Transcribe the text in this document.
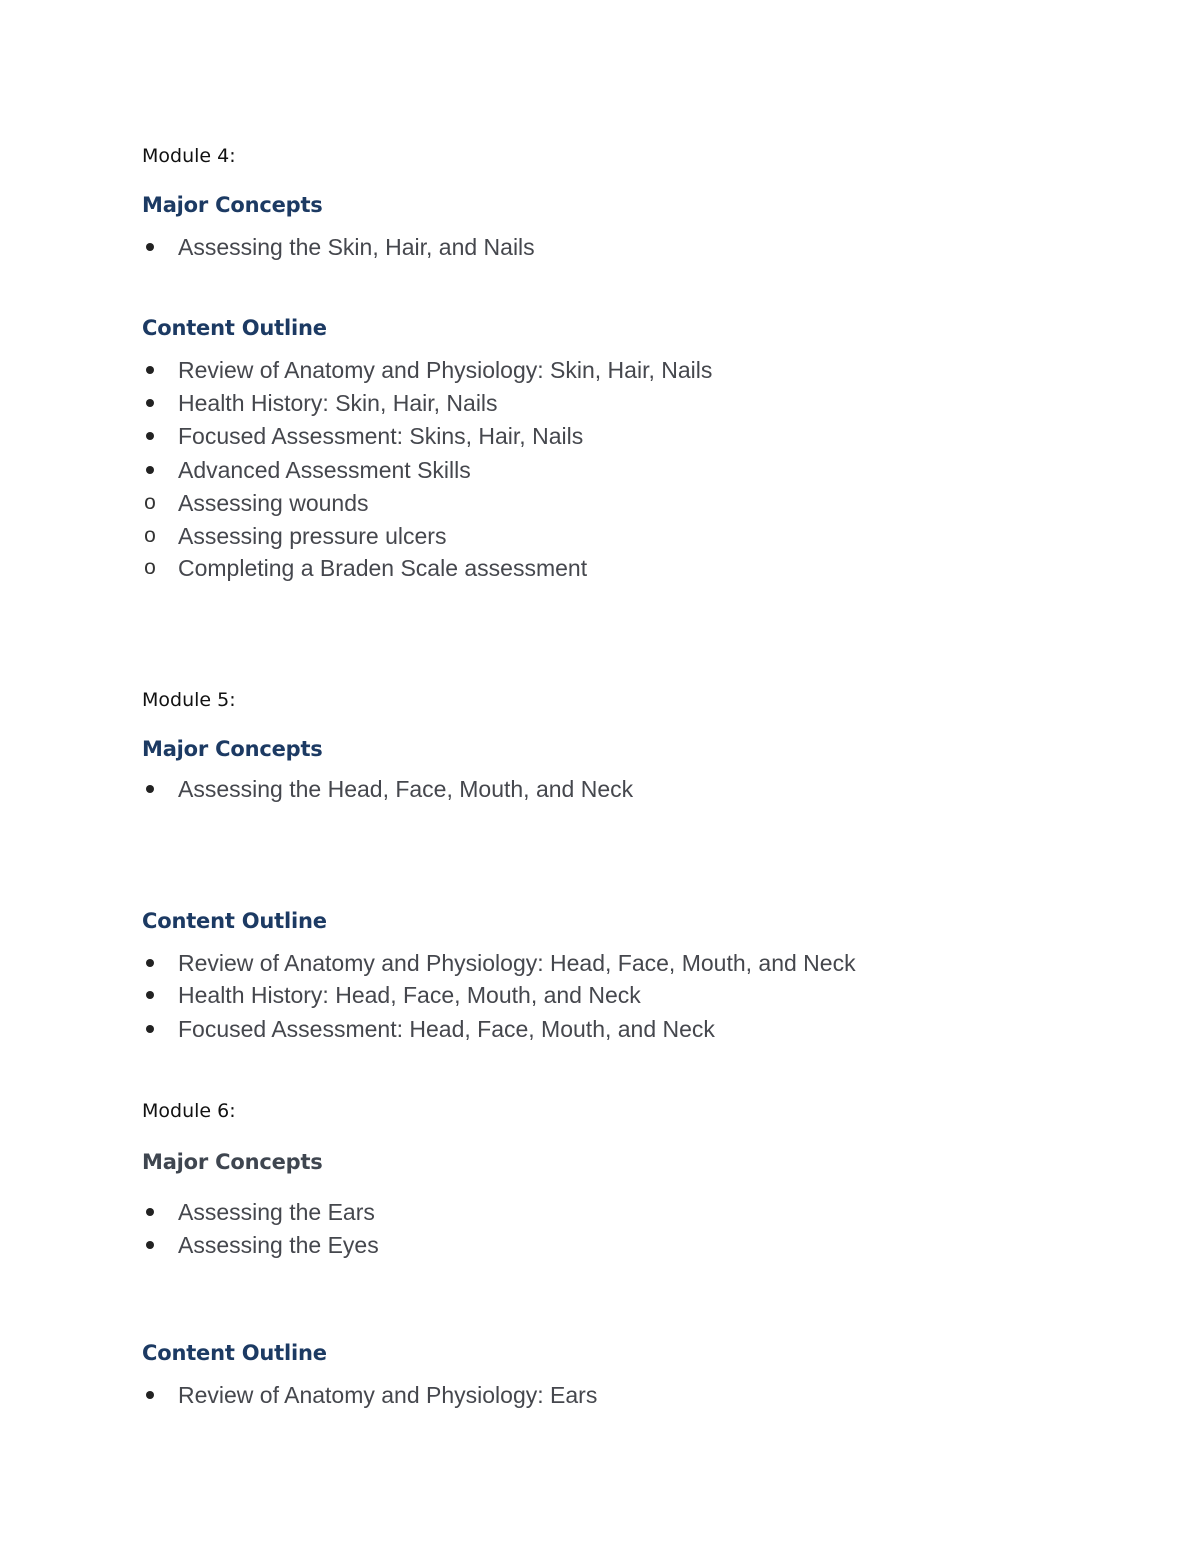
Module 4:
Major Concepts
Assessing the Skin, Hair, and Nails
Content Outline
Review of Anatomy and Physiology: Skin, Hair, Nails
Health History: Skin, Hair, Nails
Focused Assessment: Skins, Hair, Nails
Advanced Assessment Skills
o Assessing wounds
o Assessing pressure ulcers
o Completing a Braden Scale assessment
Module 5:
Major Concepts
Assessing the Head, Face, Mouth, and Neck
Content Outline
Review of Anatomy and Physiology: Head, Face, Mouth, and Neck
Health History: Head, Face, Mouth, and Neck
Focused Assessment: Head, Face, Mouth, and Neck
Module 6:
Major Concepts
Assessing the Ears
Assessing the Eyes
Content Outline
Review of Anatomy and Physiology: Ears
